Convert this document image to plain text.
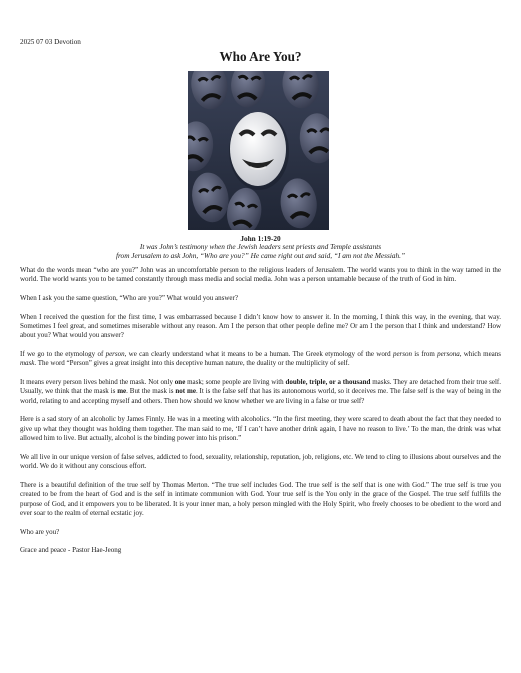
2025 07 03 Devotion
Who Are You?
John 1:19-20
It was John’s testimony when the Jewish leaders sent priests and Temple assistants
from Jerusalem to ask John, “Who are you?” He came right out and said, “I am not the Messiah.”

What do the words mean “who are you?” John was an uncomfortable person to the religious leaders of Jerusalem. The world wants you to think in the way tamed in the world. The world wants you to be tamed constantly through mass media and social media. John was a person untamable because of the truth of God in him.

When I ask you the same question, “Who are you?” What would you answer?

When I received the question for the first time, I was embarrassed because I didn’t know how to answer it. In the morning, I think this way, in the evening, that way. Sometimes I feel great, and sometimes miserable without any reason. Am I the person that other people define me? Or am I the person that I think and understand? How about you? What would you answer?

If we go to the etymology of person, we can clearly understand what it means to be a human. The Greek etymology of the word person is from persona, which means mask. The word “Person” gives a great insight into this deceptive human nature, the duality or the multiplicity of self.

It means every person lives behind the mask. Not only one mask; some people are living with double, triple, or a thousand masks. They are detached from their true self. Usually, we think that the mask is me. But the mask is not me. It is the false self that has its autonomous world, so it deceives me. The false self is the way of being in the world, relating to and accepting myself and others. Then how should we know whether we are living in a false or true self?

Here is a sad story of an alcoholic by James Finnly. He was in a meeting with alcoholics. “In the first meeting, they were scared to death about the fact that they needed to give up what they thought was holding them together. The man said to me, ‘If I can’t have another drink again, I have no reason to live.’ To the man, the drink was what allowed him to live. But actually, alcohol is the binding power into his prison.”

We all live in our unique version of false selves, addicted to food, sexuality, relationship, reputation, job, religions, etc. We tend to cling to illusions about ourselves and the world. We do it without any conscious effort.

There is a beautiful definition of the true self by Thomas Merton. “The true self includes God. The true self is the self that is one with God.” The true self is true you created to be from the heart of God and is the self in intimate communion with God. Your true self is the You only in the grace of the Gospel. The true self fulfills the purpose of God, and it empowers you to be liberated. It is your inner man, a holy person mingled with the Holy Spirit, who freely chooses to be obedient to the word and ever soar to the realm of eternal ecstatic joy.

Who are you?

Grace and peace - Pastor Hae-Jeong
